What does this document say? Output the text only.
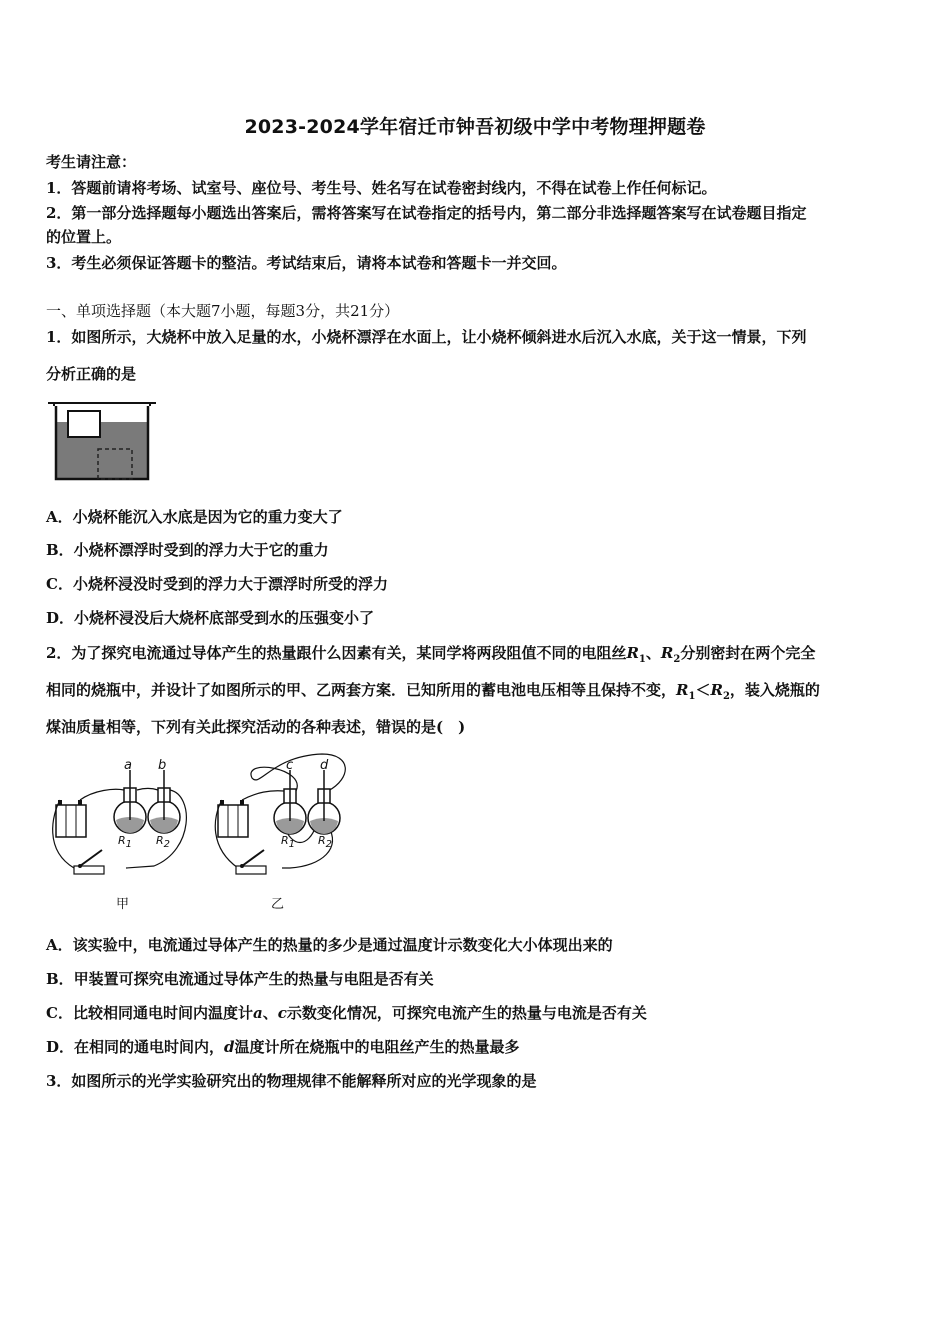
2023-2024学年宿迁市钟吾初级中学中考物理押题卷
考生请注意：
1．答题前请将考场、试室号、座位号、考生号、姓名写在试卷密封线内，不得在试卷上作任何标记。
2．第一部分选择题每小题选出答案后，需将答案写在试卷指定的括号内，第二部分非选择题答案写在试卷题目指定
的位置上。
3．考生必须保证答题卡的整洁。考试结束后，请将本试卷和答题卡一并交回。
一、单项选择题（本大题7小题，每题3分，共21分）
1．如图所示，大烧杯中放入足量的水，小烧杯漂浮在水面上，让小烧杯倾斜进水后沉入水底，关于这一情景，下列
分析正确的是
A．小烧杯能沉入水底是因为它的重力变大了
B．小烧杯漂浮时受到的浮力大于它的重力
C．小烧杯浸没时受到的浮力大于漂浮时所受的浮力
D．小烧杯浸没后大烧杯底部受到水的压强变小了
2．为了探究电流通过导体产生的热量跟什么因素有关，某同学将两段阻值不同的电阻丝$R_1$、$R_2$分别密封在两个完全
相同的烧瓶中，并设计了如图所示的甲、乙两套方案．已知所用的蓄电池电压相等且保持不变，$R_1<R_2$，装入烧瓶的
煤油质量相等，下列有关此探究活动的各种表述，错误的是(　)
a b
$R_1$ $R_2$
甲
c d
$R_1$ $R_2$
乙
A．该实验中，电流通过导体产生的热量的多少是通过温度计示数变化大小体现出来的
B．甲装置可探究电流通过导体产生的热量与电阻是否有关
C．比较相同通电时间内温度计a、c示数变化情况，可探究电流产生的热量与电流是否有关
D．在相同的通电时间内，d温度计所在烧瓶中的电阻丝产生的热量最多
3．如图所示的光学实验研究出的物理规律不能解释所对应的光学现象的是
